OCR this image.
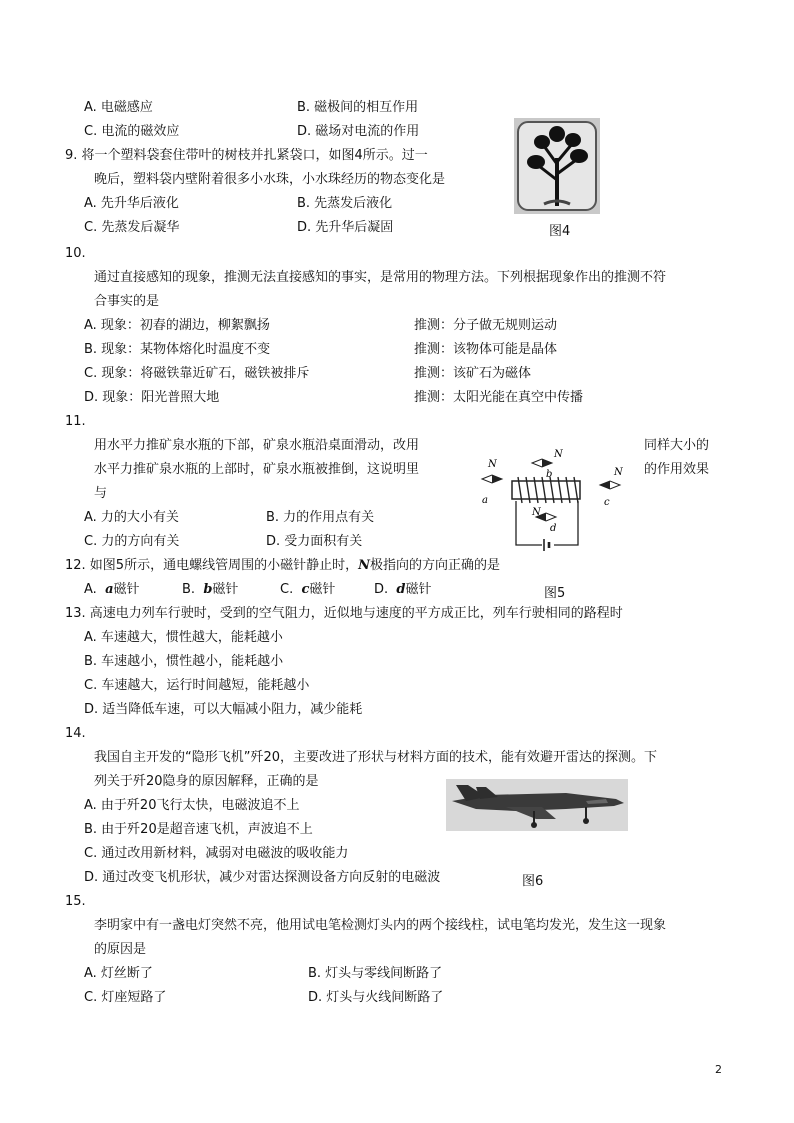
A. 电磁感应	B. 磁极间的相互作用
C. 电流的磁效应	D. 磁场对电流的作用
9. 将一个塑料袋套住带叶的树枝并扎紧袋口，如图4所示。过一
晚后，塑料袋内壁附着很多小水珠，小水珠经历的物态变化是
A. 先升华后液化	B. 先蒸发后液化
C. 先蒸发后凝华	D. 先升华后凝固	图4
10.
通过直接感知的现象，推测无法直接感知的事实，是常用的物理方法。下列根据现象作出的推测不符
合事实的是
A. 现象：初春的湖边，柳絮飘扬	推测：分子做无规则运动
B. 现象：某物体熔化时温度不变	推测：该物体可能是晶体
C. 现象：将磁铁靠近矿石，磁铁被排斥	推测：该矿石为磁体
D. 现象：阳光普照大地	推测：太阳光能在真空中传播
11.
用水平力推矿泉水瓶的下部，矿泉水瓶沿桌面滑动，改用	同样大小的
水平力推矿泉水瓶的上部时，矿泉水瓶被推倒，这说明里	的作用效果
与
A. 力的大小有关	B. 力的作用点有关
C. 力的方向有关	D. 受力面积有关
N
a
N
b	N
c
N
d
12. 如图5所示，通电螺线管周围的小磁针静止时，N极指向的方向正确的是
A. a磁针	B. b磁针	C. c磁针	D. d磁针	图5
13. 高速电力列车行驶时，受到的空气阻力，近似地与速度的平方成正比，列车行驶相同的路程时
A. 车速越大，惯性越大，能耗越小
B. 车速越小，惯性越小，能耗越小
C. 车速越大，运行时间越短，能耗越小
D. 适当降低车速，可以大幅减小阻力，减少能耗
14.
我国自主开发的“隐形飞机”歼20，主要改进了形状与材料方面的技术，能有效避开雷达的探测。下
列关于歼20隐身的原因解释，正确的是
A. 由于歼20飞行太快，电磁波追不上
B. 由于歼20是超音速飞机，声波追不上
C. 通过改用新材料，减弱对电磁波的吸收能力
D. 通过改变飞机形状，减少对雷达探测设备方向反射的电磁波	图6
15.
李明家中有一盏电灯突然不亮，他用试电笔检测灯头内的两个接线柱，试电笔均发光，发生这一现象
的原因是
A. 灯丝断了	B. 灯头与零线间断路了
C. 灯座短路了	D. 灯头与火线间断路了
2
